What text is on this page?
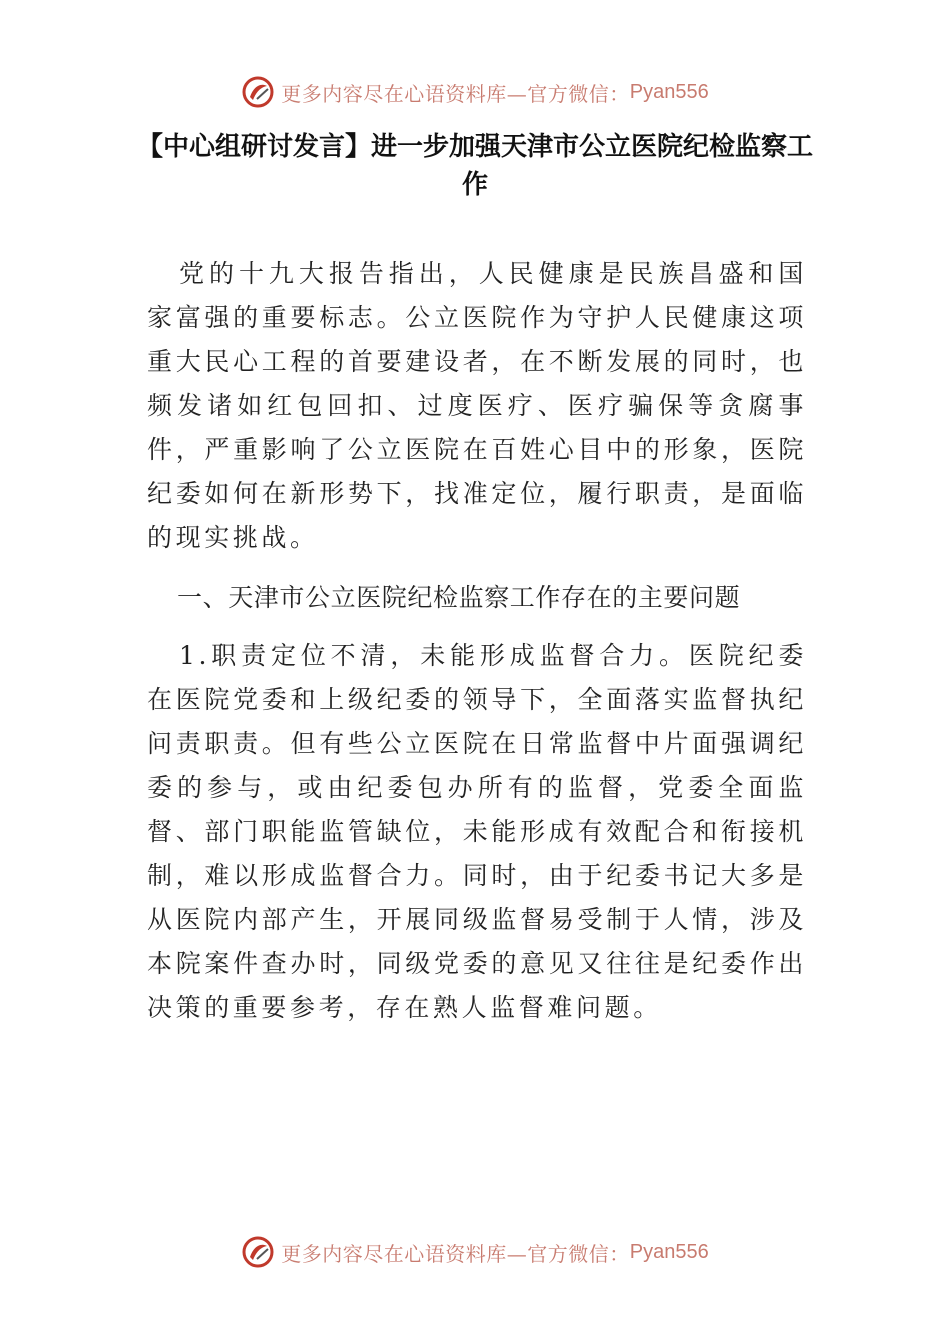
更多内容尽在心语资料库—官方微信： Pyan556
【中心组研讨发言】进一步加强天津市公立医院纪检监察工作

党的十九大报告指出，人民健康是民族昌盛和国家富强的重要标志。公立医院作为守护人民健康这项重大民心工程的首要建设者，在不断发展的同时，也频发诸如红包回扣、过度医疗、医疗骗保等贪腐事件，严重影响了公立医院在百姓心目中的形象，医院纪委如何在新形势下，找准定位，履行职责，是面临的现实挑战。

一、天津市公立医院纪检监察工作存在的主要问题

1.职责定位不清，未能形成监督合力。医院纪委在医院党委和上级纪委的领导下，全面落实监督执纪问责职责。但有些公立医院在日常监督中片面强调纪委的参与，或由纪委包办所有的监督，党委全面监督、部门职能监管缺位，未能形成有效配合和衔接机制，难以形成监督合力。同时，由于纪委书记大多是从医院内部产生，开展同级监督易受制于人情，涉及本院案件查办时，同级党委的意见又往往是纪委作出决策的重要参考，存在熟人监督难问题。

更多内容尽在心语资料库—官方微信： Pyan556
